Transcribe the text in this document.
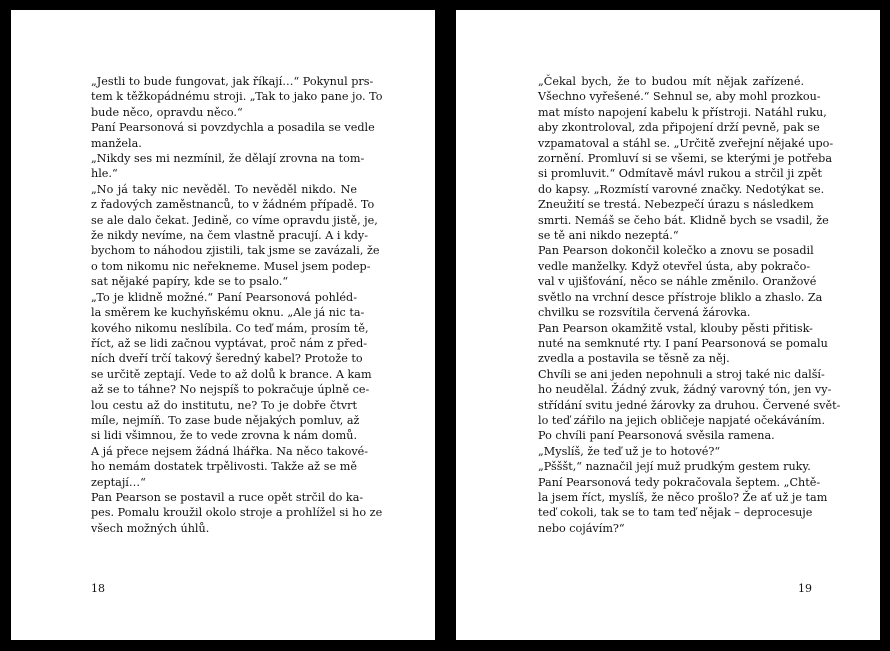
„Jestli to bude fungovat, jak říkají…“ Pokynul prs-

tem k těžkopádnému stroji. „Tak to jako pane jo. To

bude něco, opravdu něco.“

Paní Pearsonová si povzdychla a posadila se vedle

manžela.

„Nikdy ses mi nezmínil, že dělají zrovna na tom-

hle.“

„No já taky nic nevěděl. To nevěděl nikdo. Ne

z řadových zaměstnanců, to v žádném případě. To

se ale dalo čekat. Jedině, co víme opravdu jistě, je,

že nikdy nevíme, na čem vlastně pracují. A i kdy-

bychom to náhodou zjistili, tak jsme se zavázali, že

o tom nikomu nic neřekneme. Musel jsem podep-

sat nějaké papíry, kde se to psalo.“

„To je klidně možné.“ Paní Pearsonová pohléd-

la směrem ke kuchyňskému oknu. „Ale já nic ta-

kového nikomu neslíbila. Co teď mám, prosím tě,

říct, až se lidi začnou vyptávat, proč nám z před-

ních dveří trčí takový šeredný kabel? Protože to

se určitě zeptají. Vede to až dolů k brance. A kam

až se to táhne? No nejspíš to pokračuje úplně ce-

lou cestu až do institutu, ne? To je dobře čtvrt

míle, nejmíň. To zase bude nějakých pomluv, až

si lidi všimnou, že to vede zrovna k nám domů.

A já přece nejsem žádná lhářka. Na něco takové-

ho nemám dostatek trpělivosti. Takže až se mě

zeptají…“

Pan Pearson se postavil a ruce opět strčil do ka-

pes. Pomalu kroužil okolo stroje a prohlížel si ho ze

všech možných úhlů.

18

„Čekal bych, že to budou mít nějak zařízené.

Všechno vyřešené.“ Sehnul se, aby mohl prozkou-

mat místo napojení kabelu k přístroji. Natáhl ruku,

aby zkontroloval, zda připojení drží pevně, pak se

vzpamatoval a stáhl se. „Určitě zveřejní nějaké upo-

zornění. Promluví si se všemi, se kterými je potřeba

si promluvit.“ Odmítavě mávl rukou a strčil ji zpět

do kapsy. „Rozmístí varovné značky. Nedotýkat se.

Zneužití se trestá. Nebezpečí úrazu s následkem

smrti. Nemáš se čeho bát. Klidně bych se vsadil, že

se tě ani nikdo nezeptá.“

Pan Pearson dokončil kolečko a znovu se posadil

vedle manželky. Když otevřel ústa, aby pokračo-

val v ujišťování, něco se náhle změnilo. Oranžové

světlo na vrchní desce přístroje bliklo a zhaslo. Za

chvilku se rozsvítila červená žárovka.

Pan Pearson okamžitě vstal, klouby pěsti přitisk-

nuté na semknuté rty. I paní Pearsonová se pomalu

zvedla a postavila se těsně za něj.

Chvíli se ani jeden nepohnuli a stroj také nic další-

ho neudělal. Žádný zvuk, žádný varovný tón, jen vy-

střídání svitu jedné žárovky za druhou. Červené svět-

lo teď zářilo na jejich obličeje napjaté očekáváním.

Po chvíli paní Pearsonová svěsila ramena.

„Myslíš, že teď už je to hotové?“

„Pšššt,“ naznačil její muž prudkým gestem ruky.

Paní Pearsonová tedy pokračovala šeptem. „Chtě-

la jsem říct, myslíš, že něco prošlo? Že ať už je tam

teď cokoli, tak se to tam teď nějak – deprocesuje

nebo cojávím?“

19
